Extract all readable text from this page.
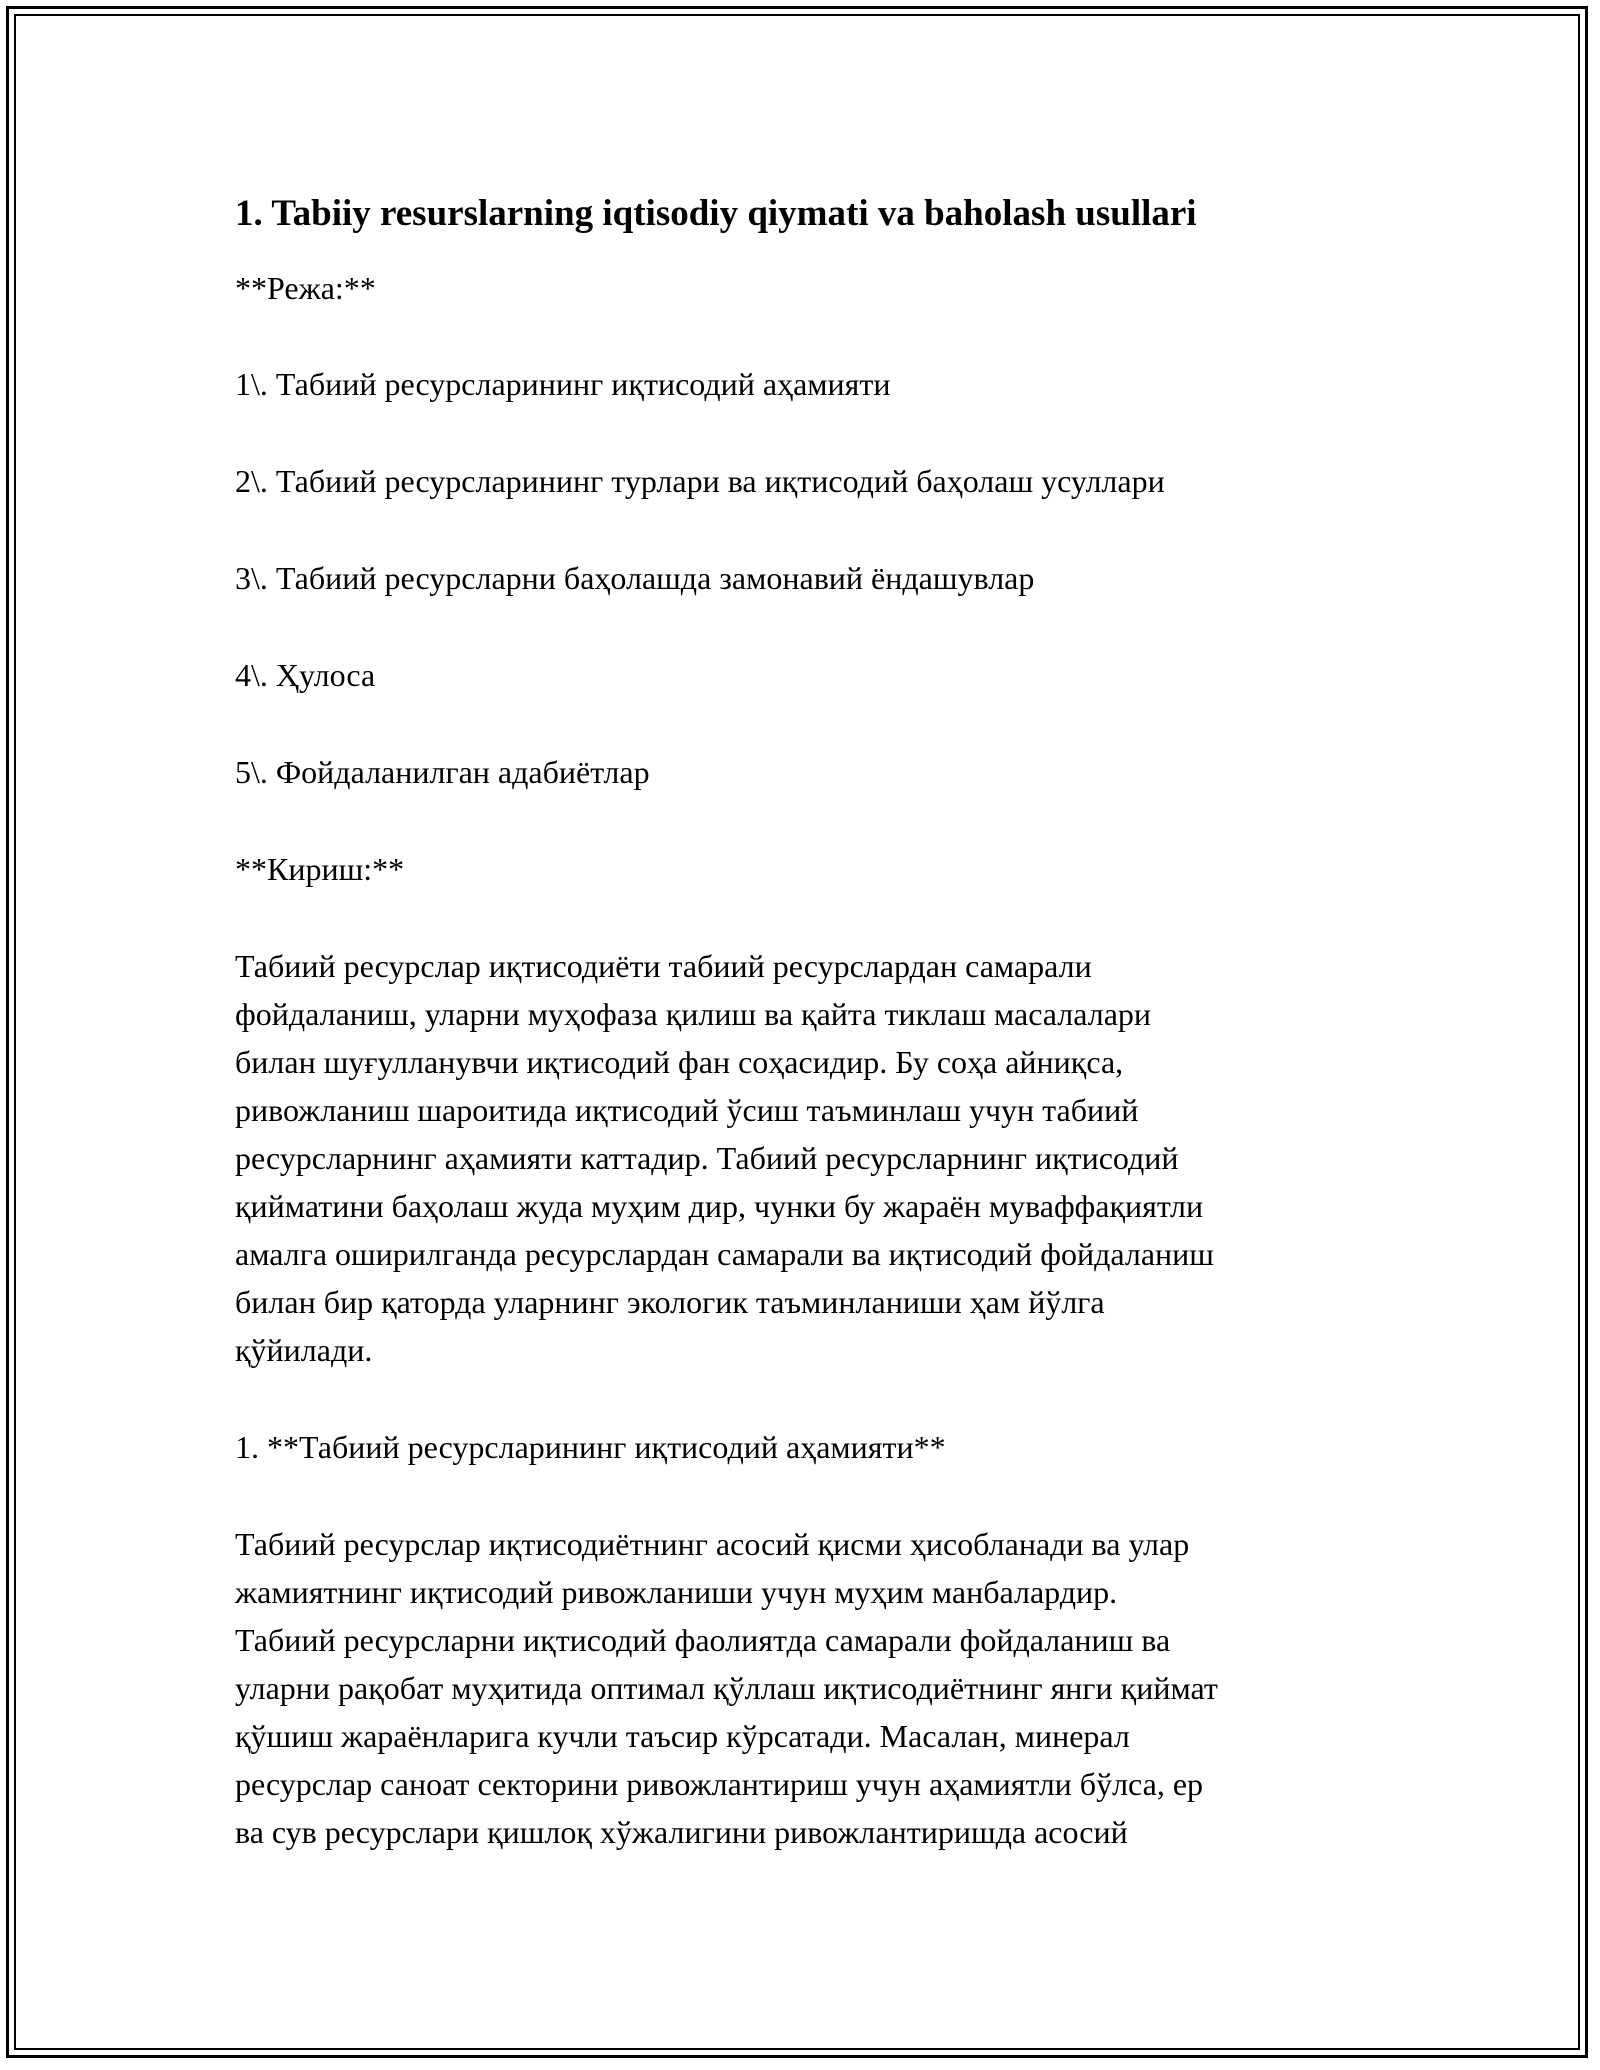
1. Tabiiy resurslarning iqtisodiy qiymati va baholash usullari

**Режа:**

1\. Табиий ресурсларининг иқтисодий аҳамияти

2\. Табиий ресурсларининг турлари ва иқтисодий баҳолаш усуллари

3\. Табиий ресурсларни баҳолашда замонавий ёндашувлар

4\. Ҳулоса

5\. Фойдаланилган адабиётлар

**Кириш:**

Табиий ресурслар иқтисодиёти табиий ресурслардан самарали
фойдаланиш, уларни муҳофаза қилиш ва қайта тиклаш масалалари
билан шуғулланувчи иқтисодий фан соҳасидир. Бу соҳа айниқса,
ривожланиш шароитида иқтисодий ўсиш таъминлаш учун табиий
ресурсларнинг аҳамияти каттадир. Табиий ресурсларнинг иқтисодий
қийматини баҳолаш жуда муҳим дир, чунки бу жараён муваффақиятли
амалга оширилганда ресурслардан самарали ва иқтисодий фойдаланиш
билан бир қаторда уларнинг экологик таъминланиши ҳам йўлга
қўйилади.

1. **Табиий ресурсларининг иқтисодий аҳамияти**

Табиий ресурслар иқтисодиётнинг асосий қисми ҳисобланади ва улар
жамиятнинг иқтисодий ривожланиши учун муҳим манбалардир.
Табиий ресурсларни иқтисодий фаолиятда самарали фойдаланиш ва
уларни рақобат муҳитида оптимал қўллаш иқтисодиётнинг янги қиймат
қўшиш жараёнларига кучли таъсир кўрсатади. Масалан, минерал
ресурслар саноат секторини ривожлантириш учун аҳамиятли бўлса, ер
ва сув ресурслари қишлоқ хўжалигини ривожлантиришда асосий
